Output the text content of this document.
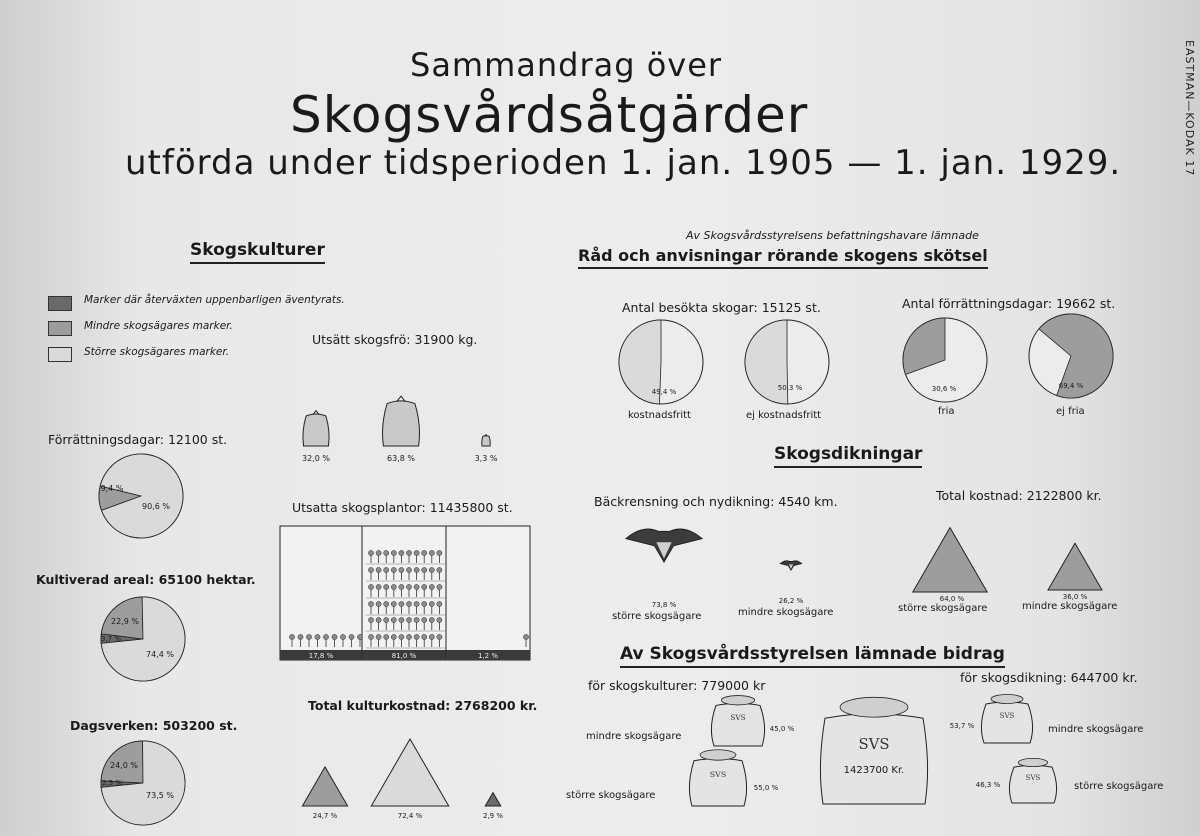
Sammandrag över
Skogsvårdsåtgärder
utförda under tidsperioden 1. jan. 1905 — 1. jan. 1929.	EASTMAN—KODAK 17
Skogskulturer
Marker där återväxten uppenbarligen äventyrats.
Mindre skogsägares marker.
Större skogsägares marker.
Förrättningsdagar: 12100 st.
Kultiverad areal: 65100 hektar.
Dagsverken: 503200 st.
Utsätt skogsfrö: 31900 kg.
Utsatta skogsplantor: 11435800 st.
Total kulturkostnad: 2768200 kr.
Av Skogsvårdsstyrelsens befattningshavare lämnade
Råd och anvisningar rörande skogens skötsel
Antal besökta skogar: 15125 st.	Antal förrättningsdagar: 19662 st.
kostnadsfritt	ej kostnadsfritt	fria	ej fria
Skogsdikningar
Bäckrensning och nydikning: 4540 km.	Total kostnad: 2122800 kr.
större skogsägare	mindre skogsägare	större skogsägare	mindre skogsägare
Av Skogsvårdsstyrelsen lämnade bidrag
för skogskulturer: 779000 kr
för skogsdikning: 644700 kr.
mindre skogsägare
större skogsägare
mindre skogsägare
större skogsägare
9,4 %
90,6 %
22,9 %
3,7 %
74,4 %
24,0 %
2,5 %
73,5 %
32,0 %	63,8 %	3,3 %
17,8 %	81,0 %	1,2 %
24,7 %	72,4 %	2,9 %
49,4 %	50,3 %	30,6 %	69,4 %
73,8 %	26,2 %	64,0 %	36,0 %
SVS
45,0 %
SVS
55,0 %
SVS
1423700 Kr.
SVS
53,7 %
SVS
46,3 %
